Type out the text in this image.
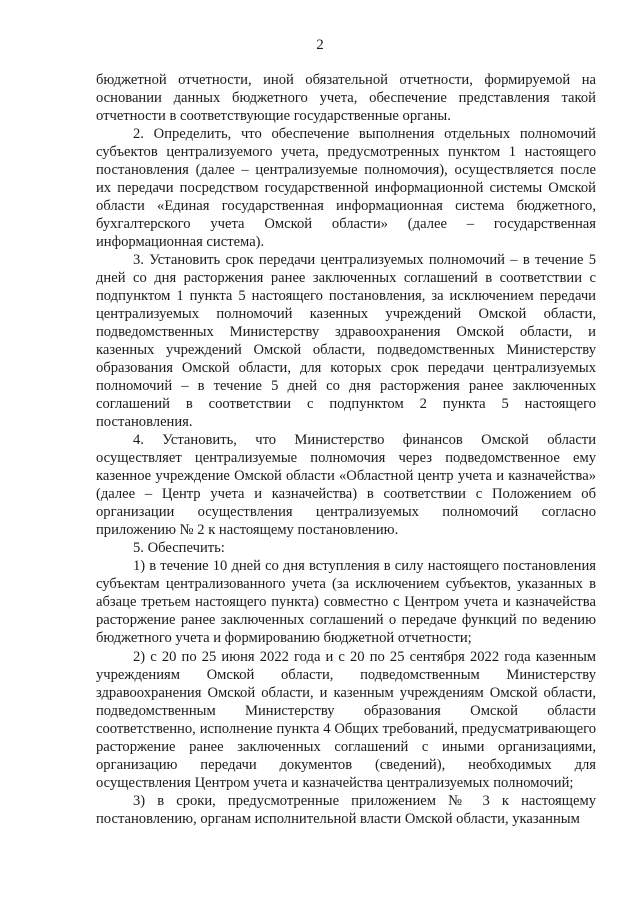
2

бюджетной отчетности, иной обязательной отчетности, формируемой на основании данных бюджетного учета, обеспечение представления такой отчетности в соответствующие государственные органы.

2. Определить, что обеспечение выполнения отдельных полномочий субъектов централизуемого учета, предусмотренных пунктом 1 настоящего постановления (далее – централизуемые полномочия), осуществляется после их передачи посредством государственной информационной системы Омской области «Единая государственная информационная система бюджетного, бухгалтерского учета Омской области» (далее – государственная информационная система).

3. Установить срок передачи централизуемых полномочий – в течение 5 дней со дня расторжения ранее заключенных соглашений в соответствии с подпунктом 1 пункта 5 настоящего постановления, за исключением передачи централизуемых полномочий казенных учреждений Омской области, подведомственных Министерству здравоохранения Омской области, и казенных учреждений Омской области, подведомственных Министерству образования Омской области, для которых срок передачи централизуемых полномочий – в течение 5 дней со дня расторжения ранее заключенных соглашений в соответствии с подпунктом 2 пункта 5 настоящего постановления.

4. Установить, что Министерство финансов Омской области осуществляет централизуемые полномочия через подведомственное ему казенное учреждение Омской области «Областной центр учета и казначейства» (далее – Центр учета и казначейства) в соответствии с Положением об организации осуществления централизуемых полномочий согласно приложению № 2 к настоящему постановлению.

5. Обеспечить:

1) в течение 10 дней со дня вступления в силу настоящего постановления субъектам централизованного учета (за исключением субъектов, указанных в абзаце третьем настоящего пункта) совместно с Центром учета и казначейства расторжение ранее заключенных соглашений о передаче функций по ведению бюджетного учета и формированию бюджетной отчетности;

2) с 20 по 25 июня 2022 года и с 20 по 25 сентября 2022 года казенным учреждениям Омской области, подведомственным Министерству здравоохранения Омской области, и казенным учреждениям Омской области, подведомственным Министерству образования Омской области соответственно, исполнение пункта 4 Общих требований, предусматривающего расторжение ранее заключенных соглашений с иными организациями, организацию передачи документов (сведений), необходимых для осуществления Центром учета и казначейства централизуемых полномочий;

3) в сроки, предусмотренные приложением № 3 к настоящему постановлению, органам исполнительной власти Омской области, указанным
